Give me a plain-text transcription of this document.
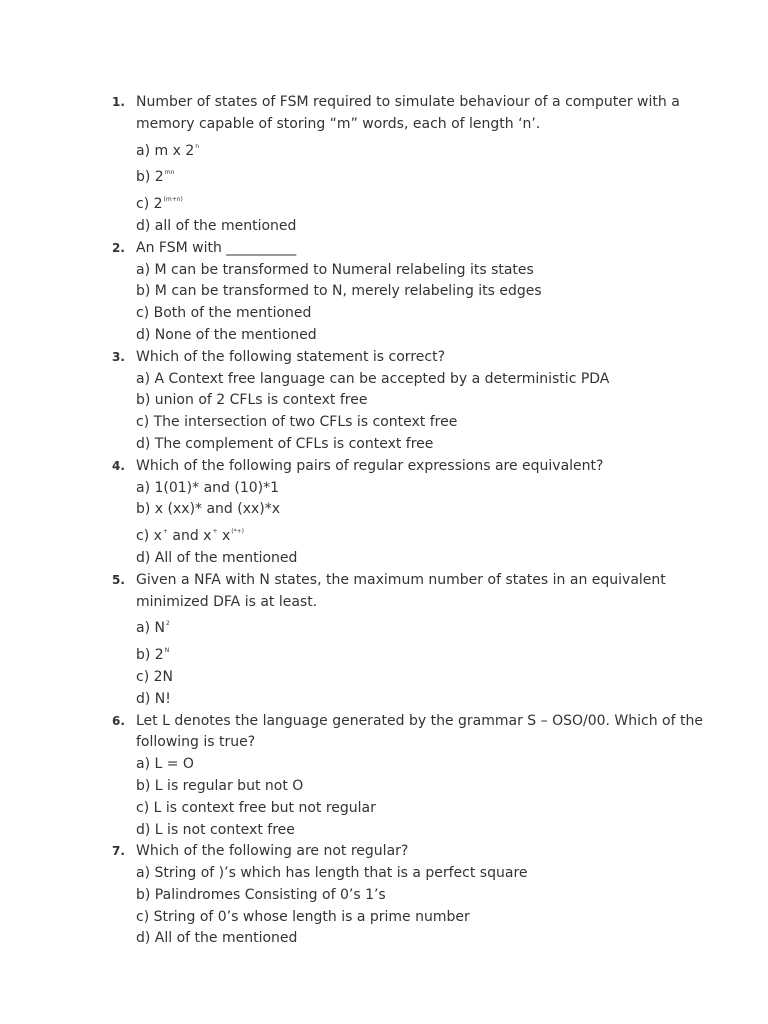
1. Number of states of FSM required to simulate behaviour of a computer with a
memory capable of storing “m” words, each of length ‘n’.
a) m x 2$^n$
b) $2^{mn}$
c) $2^{(m+n)}$
d) all of the mentioned
2. An FSM with __________
a) M can be transformed to Numeral relabeling its states
b) M can be transformed to N, merely relabeling its edges
c) Both of the mentioned
d) None of the mentioned
3. Which of the following statement is correct?
a) A Context free language can be accepted by a deterministic PDA
b) union of 2 CFLs is context free
c) The intersection of two CFLs is context free
d) The complement of CFLs is context free
4. Which of the following pairs of regular expressions are equivalent?
a) 1(01)* and (10)*1
b) x (xx)* and (xx)*x
c) x+ and x+ x(*+)
d) All of the mentioned
5. Given a NFA with N states, the maximum number of states in an equivalent
minimized DFA is at least.
a) $N^2$
b) $2^N$
c) 2N
d) N!
6. Let L denotes the language generated by the grammar S – OSO/00. Which of the
following is true?
a) L = O
b) L is regular but not O
c) L is context free but not regular
d) L is not context free
7. Which of the following are not regular?
a) String of )’s which has length that is a perfect square
b) Palindromes Consisting of 0’s 1’s
c) String of 0’s whose length is a prime number
d) All of the mentioned
